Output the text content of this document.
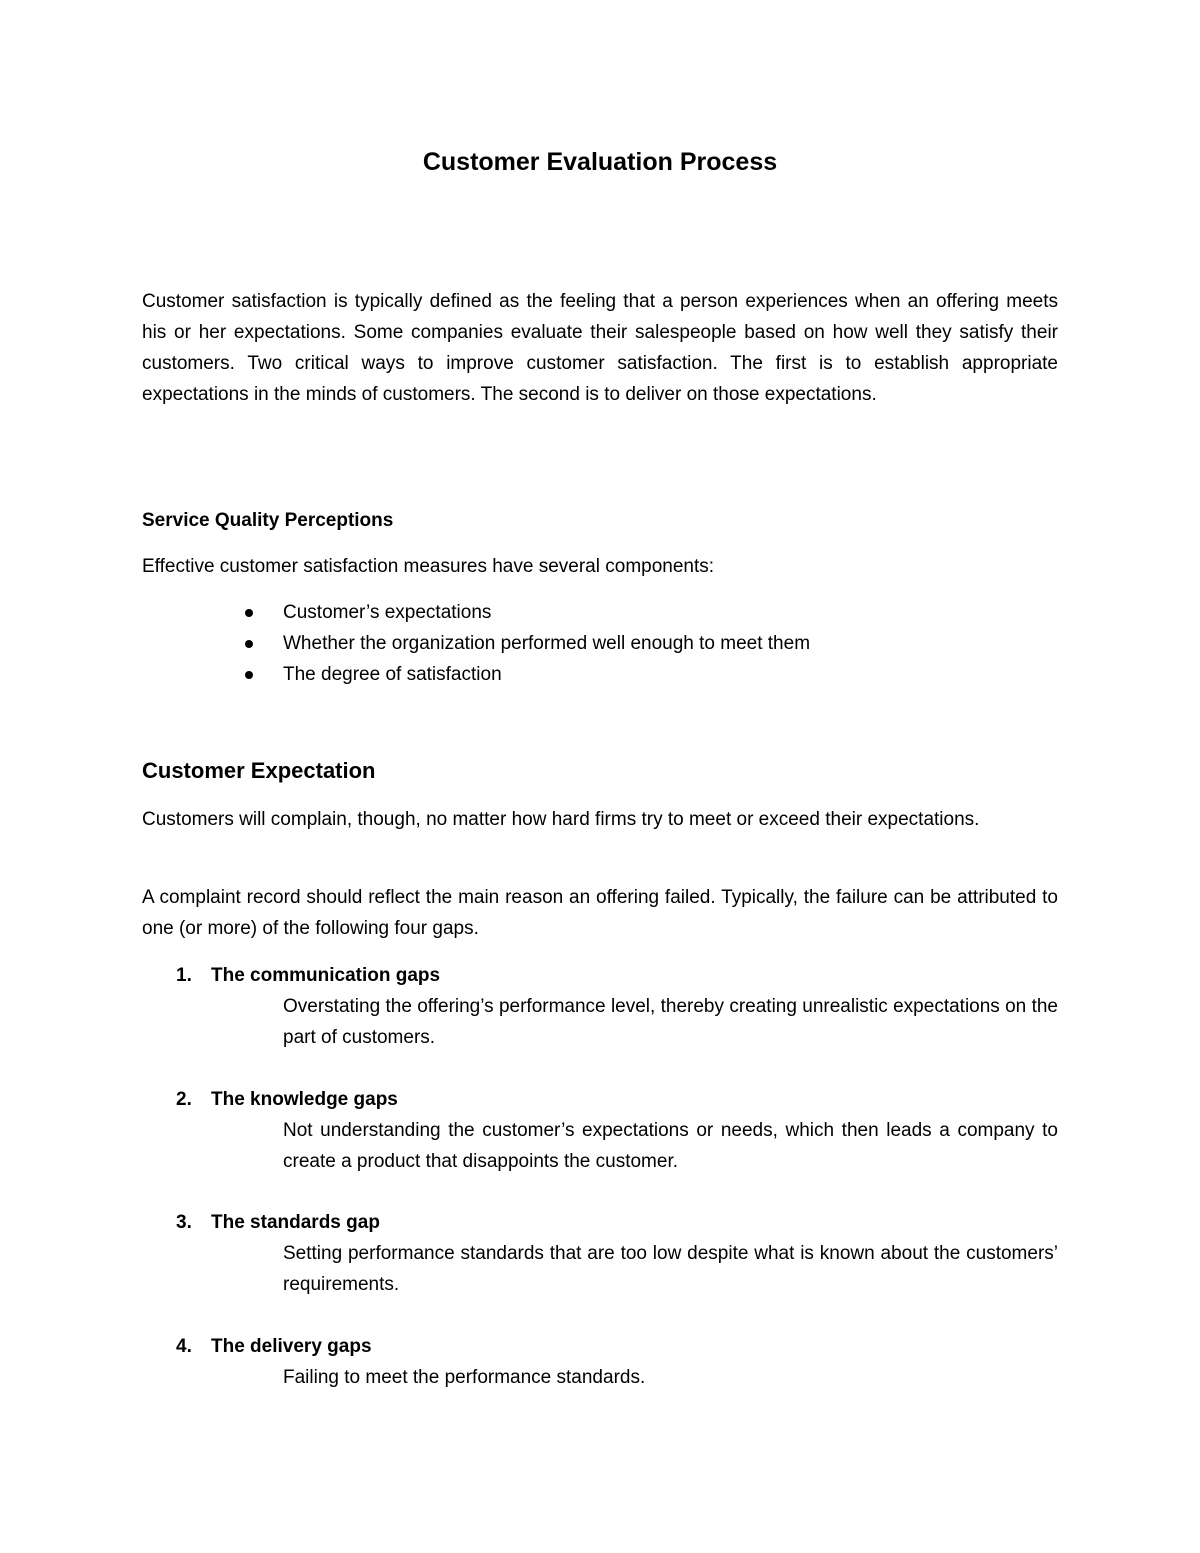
Customer Evaluation Process
Customer satisfaction is typically defined as the feeling that a person experiences when an offering meets his or her expectations. Some companies evaluate their salespeople based on how well they satisfy their customers. Two critical ways to improve customer satisfaction. The first is to establish appropriate expectations in the minds of customers. The second is to deliver on those expectations.
Service Quality Perceptions
Effective customer satisfaction measures have several components:
Customer’s expectations
Whether the organization performed well enough to meet them
The degree of satisfaction
Customer Expectation
Customers will complain, though, no matter how hard firms try to meet or exceed their expectations.
A complaint record should reflect the main reason an offering failed. Typically, the failure can be attributed to one (or more) of the following four gaps.
1. The communication gaps
Overstating the offering’s performance level, thereby creating unrealistic expectations on the part of customers.
2. The knowledge gaps
Not understanding the customer’s expectations or needs, which then leads a company to create a product that disappoints the customer.
3. The standards gap
Setting performance standards that are too low despite what is known about the customers’ requirements.
4. The delivery gaps
Failing to meet the performance standards.
